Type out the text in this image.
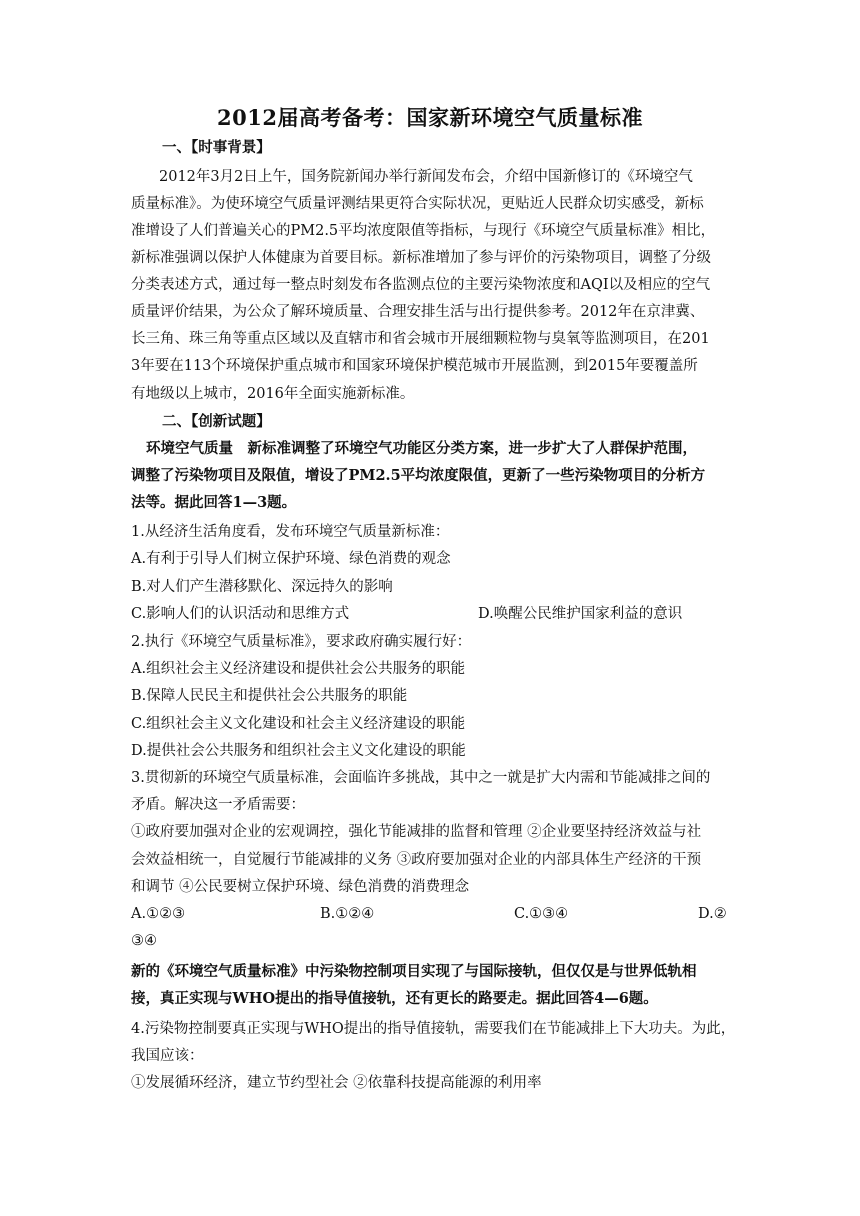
2012届高考备考：国家新环境空气质量标准
一、【时事背景】
2012年3月2日上午，国务院新闻办举行新闻发布会，介绍中国新修订的《环境空气
质量标准》。为使环境空气质量评测结果更符合实际状况，更贴近人民群众切实感受，新标
准增设了人们普遍关心的PM2.5平均浓度限值等指标，与现行《环境空气质量标准》相比，
新标准强调以保护人体健康为首要目标。新标准增加了参与评价的污染物项目，调整了分级
分类表述方式，通过每一整点时刻发布各监测点位的主要污染物浓度和AQI以及相应的空气
质量评价结果，为公众了解环境质量、合理安排生活与出行提供参考。2012年在京津冀、
长三角、珠三角等重点区域以及直辖市和省会城市开展细颗粒物与臭氧等监测项目，在201
3年要在113个环境保护重点城市和国家环境保护模范城市开展监测，到2015年要覆盖所
有地级以上城市，2016年全面实施新标准。
二、【创新试题】
环境空气质量　新标准调整了环境空气功能区分类方案，进一步扩大了人群保护范围，
调整了污染物项目及限值，增设了PM2.5平均浓度限值，更新了一些污染物项目的分析方
法等。据此回答1—3题。
1.从经济生活角度看，发布环境空气质量新标准：
A.有利于引导人们树立保护环境、绿色消费的观念
B.对人们产生潜移默化、深远持久的影响
C.影响人们的认识活动和思维方式	D.唤醒公民维护国家利益的意识
2.执行《环境空气质量标准》，要求政府确实履行好：
A.组织社会主义经济建设和提供社会公共服务的职能
B.保障人民民主和提供社会公共服务的职能
C.组织社会主义文化建设和社会主义经济建设的职能
D.提供社会公共服务和组织社会主义文化建设的职能
3.贯彻新的环境空气质量标准，会面临许多挑战，其中之一就是扩大内需和节能减排之间的
矛盾。解决这一矛盾需要：
①政府要加强对企业的宏观调控，强化节能减排的监督和管理 ②企业要坚持经济效益与社
会效益相统一，自觉履行节能减排的义务 ③政府要加强对企业的内部具体生产经济的干预
和调节 ④公民要树立保护环境、绿色消费的消费理念
A.①②③	B.①②④	C.①③④	D.②
③④
新的《环境空气质量标准》中污染物控制项目实现了与国际接轨，但仅仅是与世界低轨相
接，真正实现与WHO提出的指导值接轨，还有更长的路要走。据此回答4—6题。
4.污染物控制要真正实现与WHO提出的指导值接轨，需要我们在节能减排上下大功夫。为此，
我国应该：
①发展循环经济，建立节约型社会 ②依靠科技提高能源的利用率
